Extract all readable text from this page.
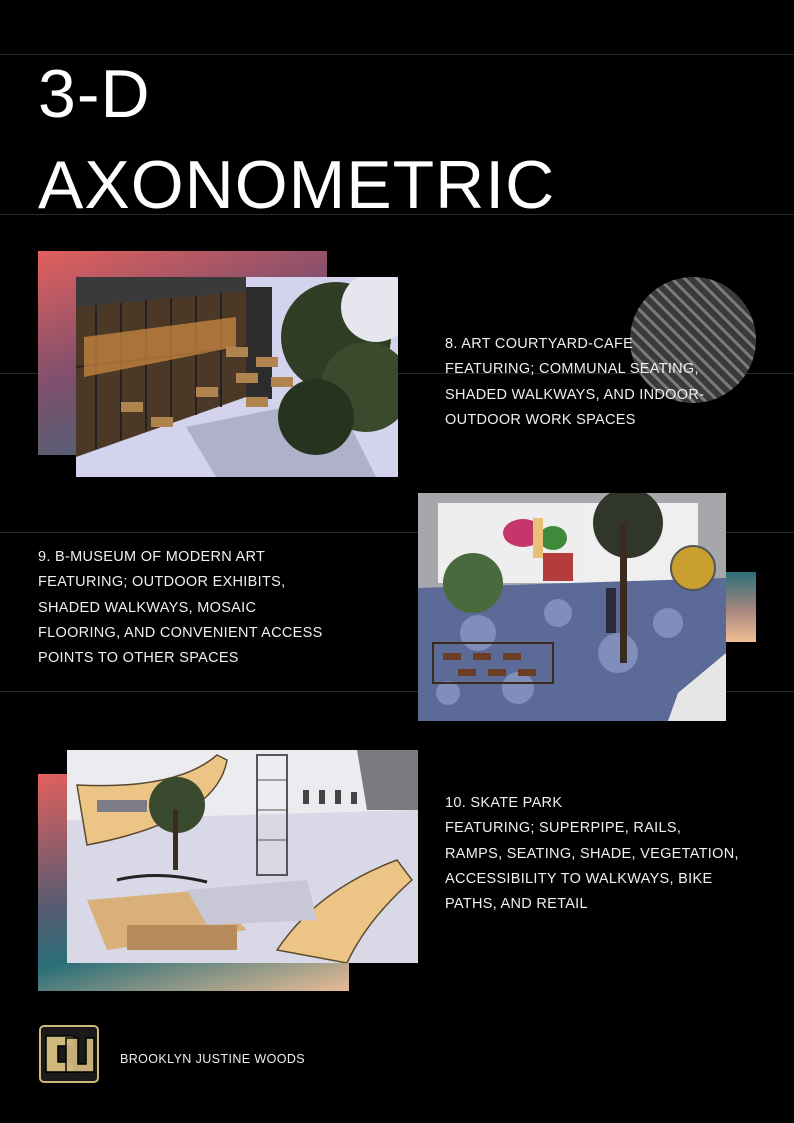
3-D
AXONOMETRIC
8. ART COURTYARD-CAFE
FEATURING; COMMUNAL SEATING,
SHADED WALKWAYS, AND INDOOR-
OUTDOOR WORK SPACES
9. B-MUSEUM OF MODERN ART
FEATURING; OUTDOOR EXHIBITS,
SHADED WALKWAYS, MOSAIC
FLOORING, AND CONVENIENT ACCESS
POINTS TO OTHER SPACES
10. SKATE PARK
FEATURING; SUPERPIPE, RAILS,
RAMPS, SEATING, SHADE, VEGETATION,
ACCESSIBILITY TO WALKWAYS, BIKE
PATHS, AND RETAIL
BROOKLYN JUSTINE WOODS
